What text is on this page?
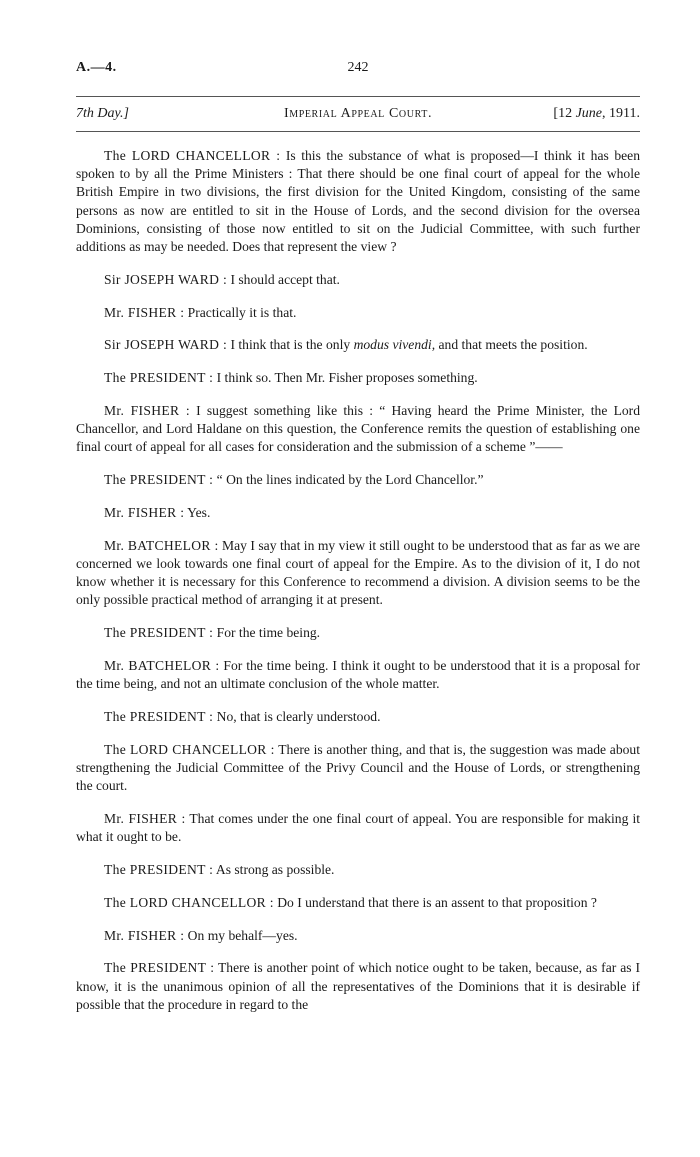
A.—4.	242
7th Day.]	Imperial Appeal Court.	[12 June, 1911.

The LORD CHANCELLOR : Is this the substance of what is proposed—I think it has been spoken to by all the Prime Ministers : That there should be one final court of appeal for the whole British Empire in two divisions, the first division for the United Kingdom, consisting of the same persons as now are entitled to sit in the House of Lords, and the second division for the oversea Dominions, consisting of those now entitled to sit on the Judicial Committee, with such further additions as may be needed. Does that represent the view ?

Sir JOSEPH WARD : I should accept that.

Mr. FISHER : Practically it is that.

Sir JOSEPH WARD : I think that is the only modus vivendi, and that meets the position.

The PRESIDENT : I think so. Then Mr. Fisher proposes something.

Mr. FISHER : I suggest something like this : “ Having heard the Prime Minister, the Lord Chancellor, and Lord Haldane on this question, the Conference remits the question of establishing one final court of appeal for all cases for consideration and the submission of a scheme ”——

The PRESIDENT : “ On the lines indicated by the Lord Chancellor.”

Mr. FISHER : Yes.

Mr. BATCHELOR : May I say that in my view it still ought to be understood that as far as we are concerned we look towards one final court of appeal for the Empire. As to the division of it, I do not know whether it is necessary for this Conference to recommend a division. A division seems to be the only possible practical method of arranging it at present.

The PRESIDENT : For the time being.

Mr. BATCHELOR : For the time being. I think it ought to be understood that it is a proposal for the time being, and not an ultimate conclusion of the whole matter.

The PRESIDENT : No, that is clearly understood.

The LORD CHANCELLOR : There is another thing, and that is, the suggestion was made about strengthening the Judicial Committee of the Privy Council and the House of Lords, or strengthening the court.

Mr. FISHER : That comes under the one final court of appeal. You are responsible for making it what it ought to be.

The PRESIDENT : As strong as possible.

The LORD CHANCELLOR : Do I understand that there is an assent to that proposition ?

Mr. FISHER : On my behalf—yes.

The PRESIDENT : There is another point of which notice ought to be taken, because, as far as I know, it is the unanimous opinion of all the representatives of the Dominions that it is desirable if possible that the procedure in regard to the
